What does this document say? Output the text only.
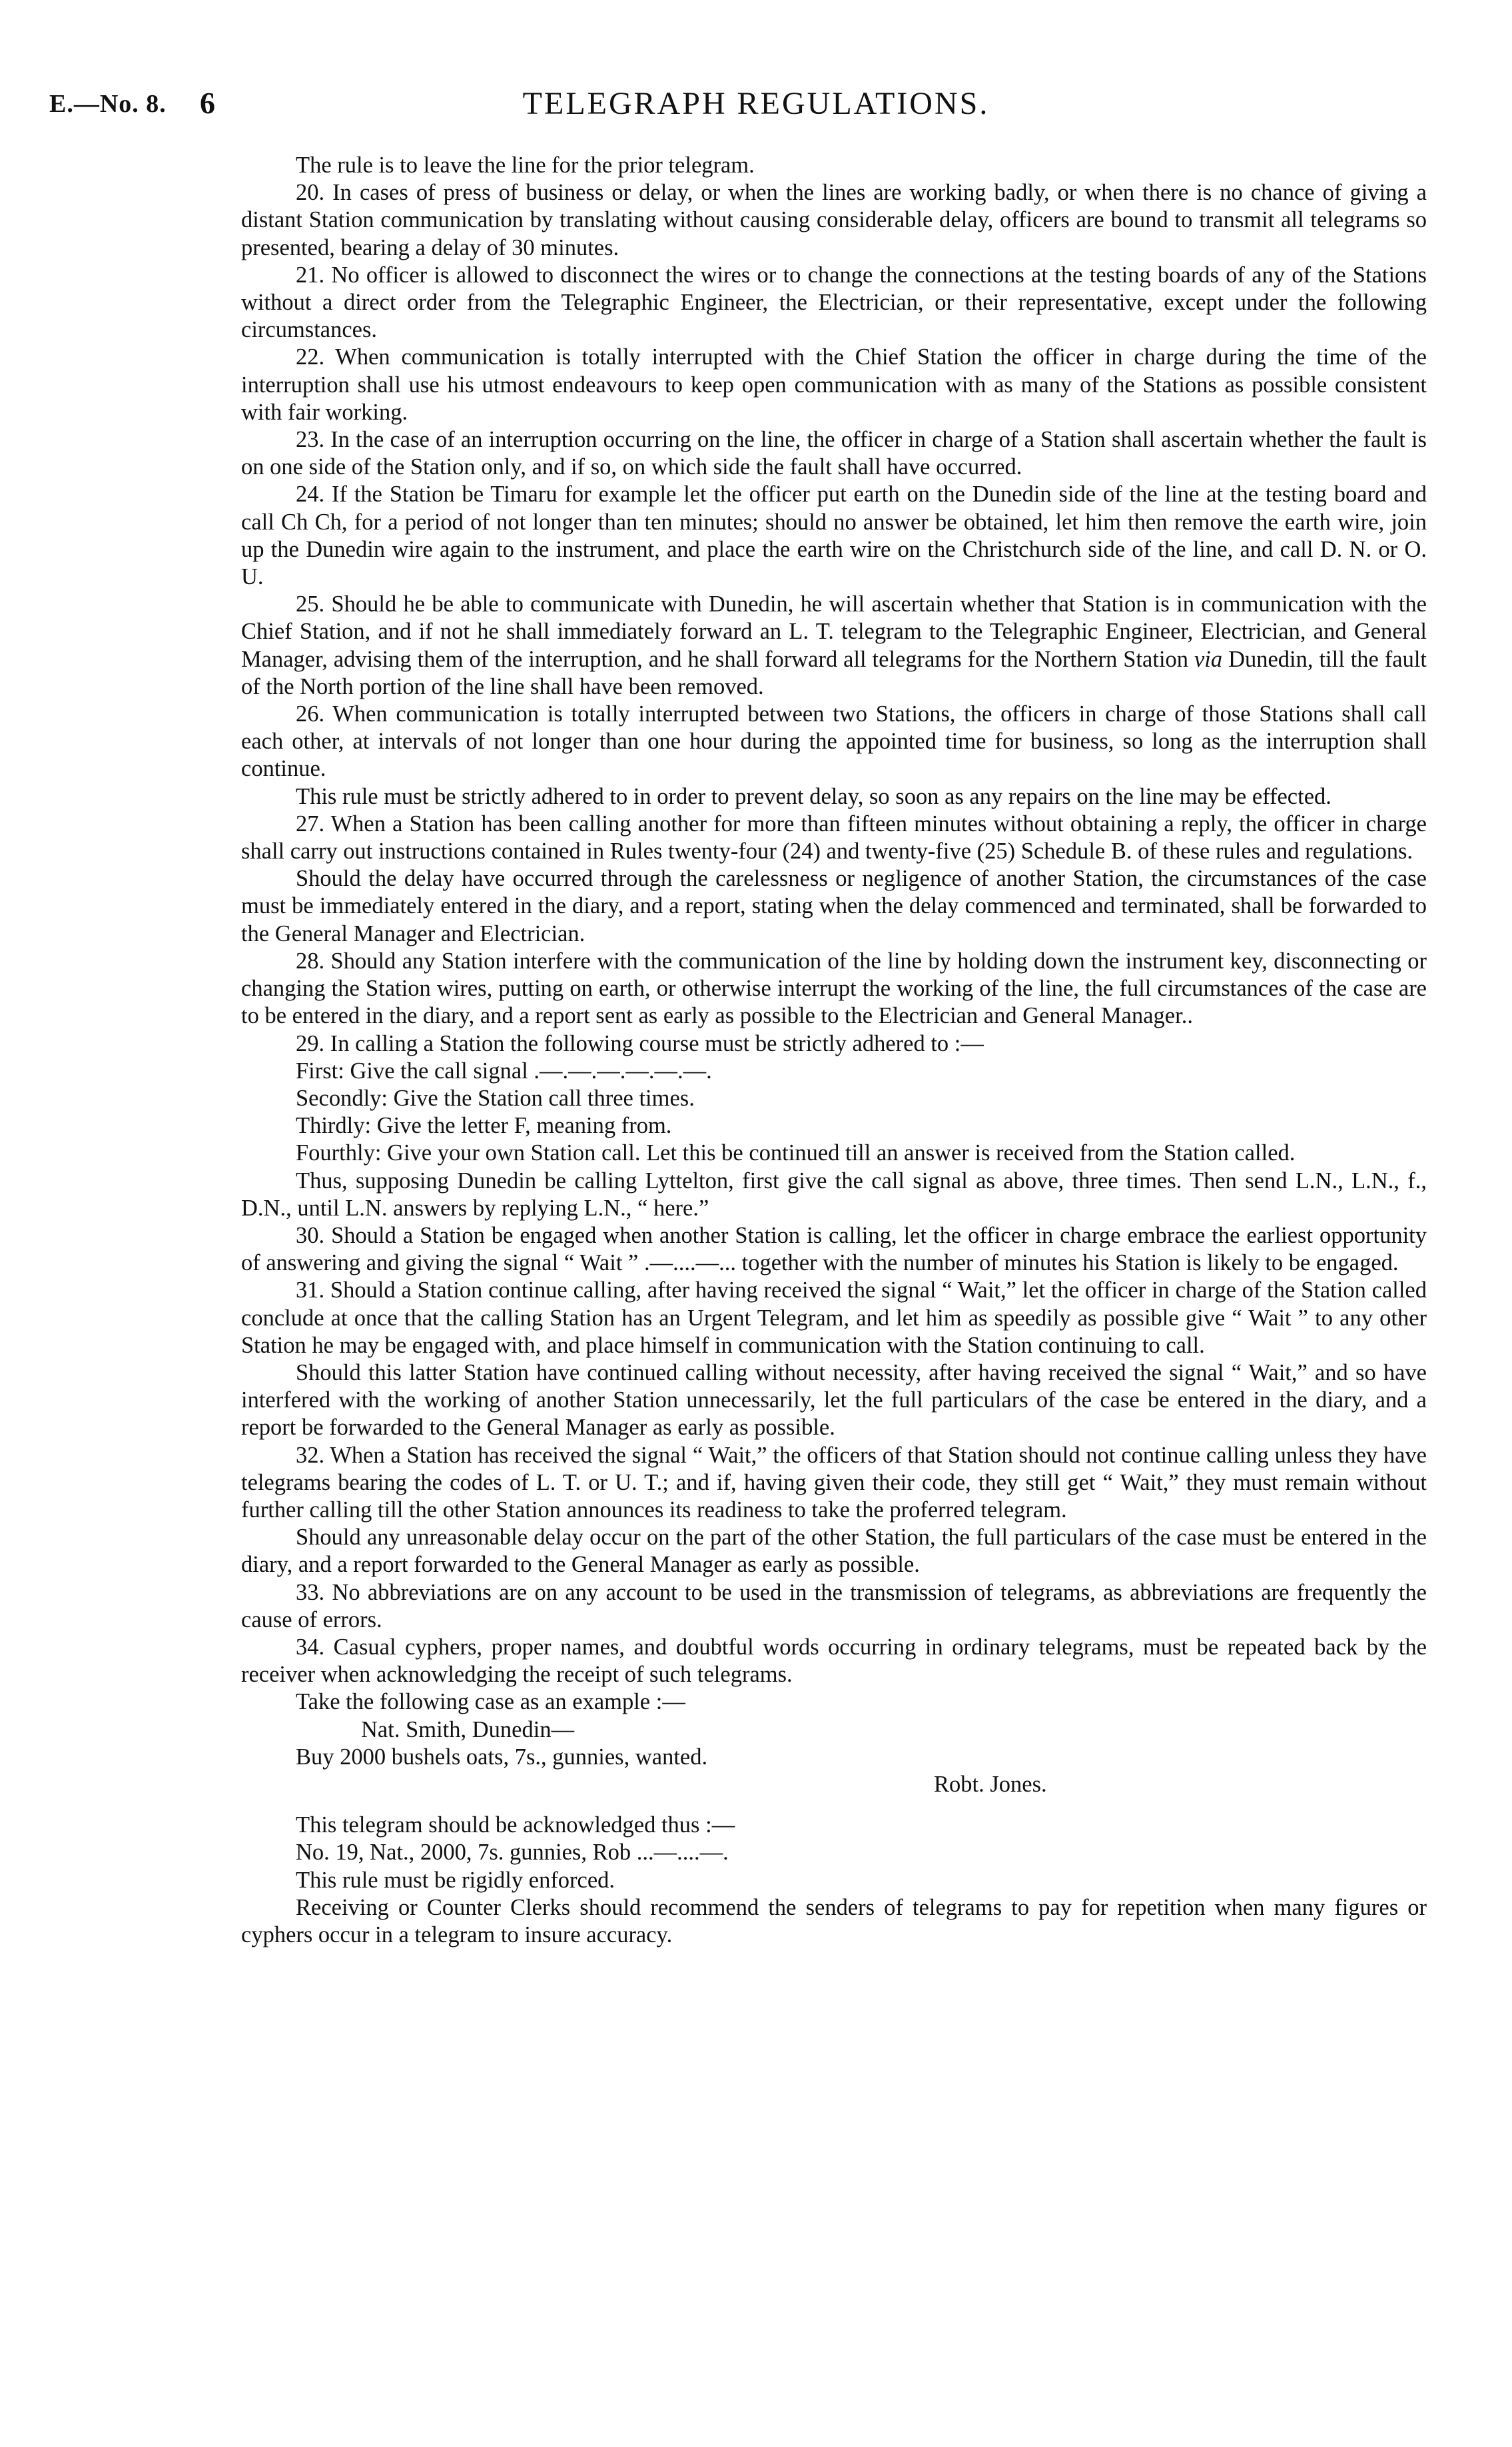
E.—No. 8. 6	TELEGRAPH REGULATIONS.

The rule is to leave the line for the prior telegram.

20. In cases of press of business or delay, or when the lines are working badly, or when there is no chance of giving a distant Station communication by translating without causing considerable delay, officers are bound to transmit all telegrams so presented, bearing a delay of 30 minutes.

21. No officer is allowed to disconnect the wires or to change the connections at the testing boards of any of the Stations without a direct order from the Telegraphic Engineer, the Electrician, or their representative, except under the following circumstances.

22. When communication is totally interrupted with the Chief Station the officer in charge during the time of the interruption shall use his utmost endeavours to keep open communication with as many of the Stations as possible consistent with fair working.

23. In the case of an interruption occurring on the line, the officer in charge of a Station shall ascertain whether the fault is on one side of the Station only, and if so, on which side the fault shall have occurred.

24. If the Station be Timaru for example let the officer put earth on the Dunedin side of the line at the testing board and call Ch Ch, for a period of not longer than ten minutes; should no answer be obtained, let him then remove the earth wire, join up the Dunedin wire again to the instrument, and place the earth wire on the Christchurch side of the line, and call D. N. or O. U.

25. Should he be able to communicate with Dunedin, he will ascertain whether that Station is in communication with the Chief Station, and if not he shall immediately forward an L. T. telegram to the Telegraphic Engineer, Electrician, and General Manager, advising them of the interruption, and he shall forward all telegrams for the Northern Station via Dunedin, till the fault of the North portion of the line shall have been removed.

26. When communication is totally interrupted between two Stations, the officers in charge of those Stations shall call each other, at intervals of not longer than one hour during the appointed time for business, so long as the interruption shall continue.

This rule must be strictly adhered to in order to prevent delay, so soon as any repairs on the line may be effected.

27. When a Station has been calling another for more than fifteen minutes without obtaining a reply, the officer in charge shall carry out instructions contained in Rules twenty-four (24) and twenty-five (25) Schedule B. of these rules and regulations.

Should the delay have occurred through the carelessness or negligence of another Station, the circumstances of the case must be immediately entered in the diary, and a report, stating when the delay commenced and terminated, shall be forwarded to the General Manager and Electrician.

28. Should any Station interfere with the communication of the line by holding down the instrument key, disconnecting or changing the Station wires, putting on earth, or otherwise interrupt the working of the line, the full circumstances of the case are to be entered in the diary, and a report sent as early as possible to the Electrician and General Manager..

29. In calling a Station the following course must be strictly adhered to :—

First: Give the call signal .—.—.—.—.—.—.

Secondly: Give the Station call three times.

Thirdly: Give the letter F, meaning from.

Fourthly: Give your own Station call. Let this be continued till an answer is received from the Station called.

Thus, supposing Dunedin be calling Lyttelton, first give the call signal as above, three times. Then send L.N., L.N., f., D.N., until L.N. answers by replying L.N., “ here.”

30. Should a Station be engaged when another Station is calling, let the officer in charge embrace the earliest opportunity of answering and giving the signal “ Wait ” .—....—... together with the number of minutes his Station is likely to be engaged.

31. Should a Station continue calling, after having received the signal “ Wait,” let the officer in charge of the Station called conclude at once that the calling Station has an Urgent Telegram, and let him as speedily as possible give “ Wait ” to any other Station he may be engaged with, and place himself in communication with the Station continuing to call.

Should this latter Station have continued calling without necessity, after having received the signal “ Wait,” and so have interfered with the working of another Station unnecessarily, let the full particulars of the case be entered in the diary, and a report be forwarded to the General Manager as early as possible.

32. When a Station has received the signal “ Wait,” the officers of that Station should not continue calling unless they have telegrams bearing the codes of L. T. or U. T.; and if, having given their code, they still get “ Wait,” they must remain without further calling till the other Station announces its readiness to take the proferred telegram.

Should any unreasonable delay occur on the part of the other Station, the full particulars of the case must be entered in the diary, and a report forwarded to the General Manager as early as possible.

33. No abbreviations are on any account to be used in the transmission of telegrams, as abbreviations are frequently the cause of errors.

34. Casual cyphers, proper names, and doubtful words occurring in ordinary telegrams, must be repeated back by the receiver when acknowledging the receipt of such telegrams.

Take the following case as an example :—

Nat. Smith, Dunedin—

Buy 2000 bushels oats, 7s., gunnies, wanted.

Robt. Jones.

This telegram should be acknowledged thus :—

No. 19, Nat., 2000, 7s. gunnies, Rob ...—....—.

This rule must be rigidly enforced.

Receiving or Counter Clerks should recommend the senders of telegrams to pay for repetition when many figures or cyphers occur in a telegram to insure accuracy.
